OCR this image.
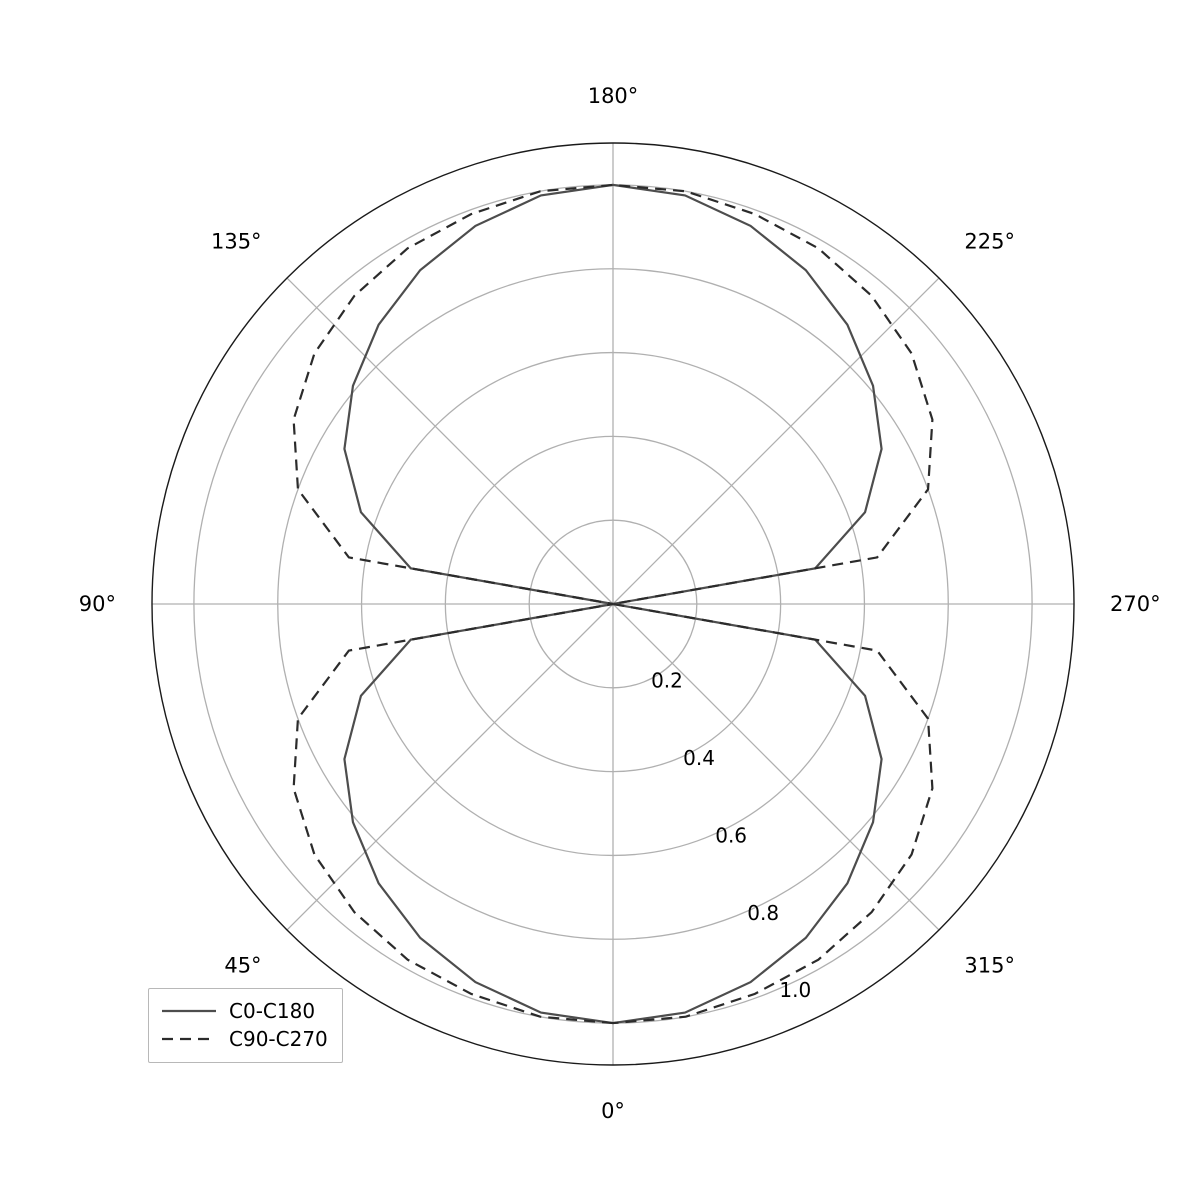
0°
45°
90°
135°
180°
225°
270°
315°
0.2
0.4
0.6
0.8
1.0
C0-C180
C90-C270
